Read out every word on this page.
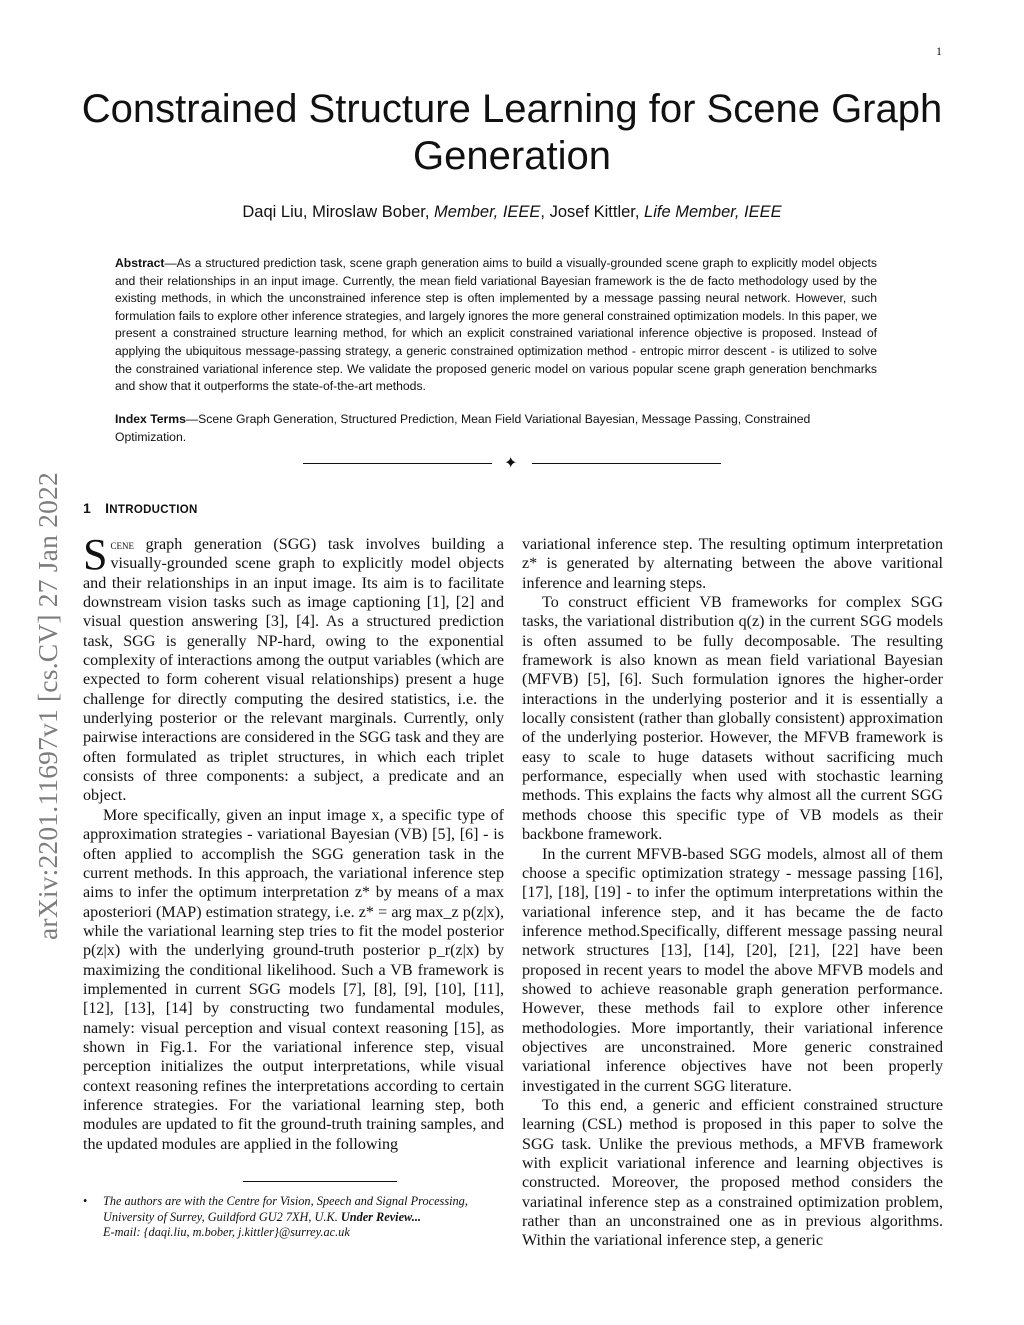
1
arXiv:2201.11697v1 [cs.CV] 27 Jan 2022
Constrained Structure Learning for Scene Graph Generation
Daqi Liu, Miroslaw Bober, Member, IEEE, Josef Kittler, Life Member, IEEE
Abstract—As a structured prediction task, scene graph generation aims to build a visually-grounded scene graph to explicitly model objects and their relationships in an input image. Currently, the mean field variational Bayesian framework is the de facto methodology used by the existing methods, in which the unconstrained inference step is often implemented by a message passing neural network. However, such formulation fails to explore other inference strategies, and largely ignores the more general constrained optimization models. In this paper, we present a constrained structure learning method, for which an explicit constrained variational inference objective is proposed. Instead of applying the ubiquitous message-passing strategy, a generic constrained optimization method - entropic mirror descent - is utilized to solve the constrained variational inference step. We validate the proposed generic model on various popular scene graph generation benchmarks and show that it outperforms the state-of-the-art methods.
Index Terms—Scene Graph Generation, Structured Prediction, Mean Field Variational Bayesian, Message Passing, Constrained Optimization.
✦
1 INTRODUCTION

Scene graph generation (SGG) task involves building a visually-grounded scene graph to explicitly model objects and their relationships in an input image. Its aim is to facilitate downstream vision tasks such as image captioning [1], [2] and visual question answering [3], [4]. As a structured prediction task, SGG is generally NP-hard, owing to the exponential complexity of interactions among the output variables (which are expected to form coherent visual relationships) present a huge challenge for directly computing the desired statistics, i.e. the underlying posterior or the relevant marginals. Currently, only pairwise interactions are considered in the SGG task and they are often formulated as triplet structures, in which each triplet consists of three components: a subject, a predicate and an object.

More specifically, given an input image x, a specific type of approximation strategies - variational Bayesian (VB) [5], [6] - is often applied to accomplish the SGG generation task in the current methods. In this approach, the variational inference step aims to infer the optimum interpretation z* by means of a max aposteriori (MAP) estimation strategy, i.e. z* = arg max_z p(z|x), while the variational learning step tries to fit the model posterior p(z|x) with the underlying ground-truth posterior p_r(z|x) by maximizing the conditional likelihood. Such a VB framework is implemented in current SGG models [7], [8], [9], [10], [11], [12], [13], [14] by constructing two fundamental modules, namely: visual perception and visual context reasoning [15], as shown in Fig.1. For the variational inference step, visual perception initializes the output interpretations, while visual context reasoning refines the interpretations according to certain inference strategies. For the variational learning step, both modules are updated to fit the ground-truth training samples, and the updated modules are applied in the following

variational inference step. The resulting optimum interpretation z* is generated by alternating between the above varitional inference and learning steps.

To construct efficient VB frameworks for complex SGG tasks, the variational distribution q(z) in the current SGG models is often assumed to be fully decomposable. The resulting framework is also known as mean field variational Bayesian (MFVB) [5], [6]. Such formulation ignores the higher-order interactions in the underlying posterior and it is essentially a locally consistent (rather than globally consistent) approximation of the underlying posterior. However, the MFVB framework is easy to scale to huge datasets without sacrificing much performance, especially when used with stochastic learning methods. This explains the facts why almost all the current SGG methods choose this specific type of VB models as their backbone framework.

In the current MFVB-based SGG models, almost all of them choose a specific optimization strategy - message passing [16], [17], [18], [19] - to infer the optimum interpretations within the variational inference step, and it has became the de facto inference method.Specifically, different message passing neural network structures [13], [14], [20], [21], [22] have been proposed in recent years to model the above MFVB models and showed to achieve reasonable graph generation performance. However, these methods fail to explore other inference methodologies. More importantly, their variational inference objectives are unconstrained. More generic constrained variational inference objectives have not been properly investigated in the current SGG literature.

To this end, a generic and efficient constrained structure learning (CSL) method is proposed in this paper to solve the SGG task. Unlike the previous methods, a MFVB framework with explicit variational inference and learning objectives is constructed. Moreover, the proposed method considers the variatinal inference step as a constrained optimization problem, rather than an unconstrained one as in previous algorithms. Within the variational inference step, a generic

• The authors are with the Centre for Vision, Speech and Signal Processing, University of Surrey, Guildford GU2 7XH, U.K. Under Review...
E-mail: {daqi.liu, m.bober, j.kittler}@surrey.ac.uk
